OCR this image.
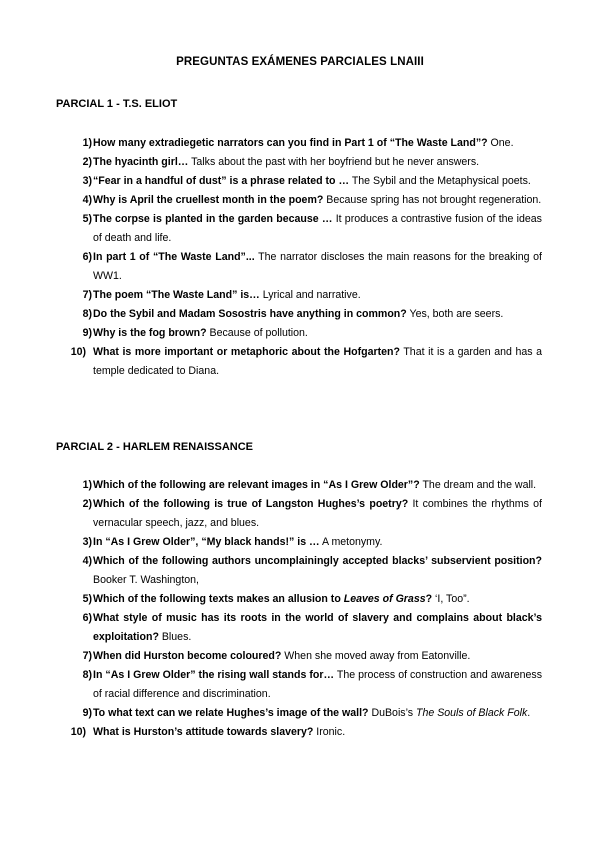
PREGUNTAS EXÁMENES PARCIALES LNAIII
PARCIAL 1 - T.S. ELIOT
1) How many extradiegetic narrators can you find in Part 1 of “The Waste Land”? One.
2) The hyacinth girl… Talks about the past with her boyfriend but he never answers.
3) “Fear in a handful of dust” is a phrase related to … The Sybil and the Metaphysical poets.
4) Why is April the cruellest month in the poem? Because spring has not brought regeneration.
5) The corpse is planted in the garden because … It produces a contrastive fusion of the ideas of death and life.
6) In part 1 of “The Waste Land”... The narrator discloses the main reasons for the breaking of WW1.
7) The poem “The Waste Land” is… Lyrical and narrative.
8) Do the Sybil and Madam Sosostris have anything in common? Yes, both are seers.
9) Why is the fog brown? Because of pollution.
10) What is more important or metaphoric about the Hofgarten? That it is a garden and has a temple dedicated to Diana.
PARCIAL 2 - HARLEM RENAISSANCE
1) Which of the following are relevant images in “As I Grew Older”? The dream and the wall.
2) Which of the following is true of Langston Hughes’s poetry? It combines the rhythms of vernacular speech, jazz, and blues.
3) In “As I Grew Older”, “My black hands!” is … A metonymy.
4) Which of the following authors uncomplainingly accepted blacks’ subservient position? Booker T. Washington,
5) Which of the following texts makes an allusion to Leaves of Grass? ‘I, Too”.
6) What style of music has its roots in the world of slavery and complains about black’s exploitation? Blues.
7) When did Hurston become coloured? When she moved away from Eatonville.
8) In “As I Grew Older” the rising wall stands for… The process of construction and awareness of racial difference and discrimination.
9) To what text can we relate Hughes’s image of the wall? DuBois’s The Souls of Black Folk.
10) What is Hurston’s attitude towards slavery? Ironic.
